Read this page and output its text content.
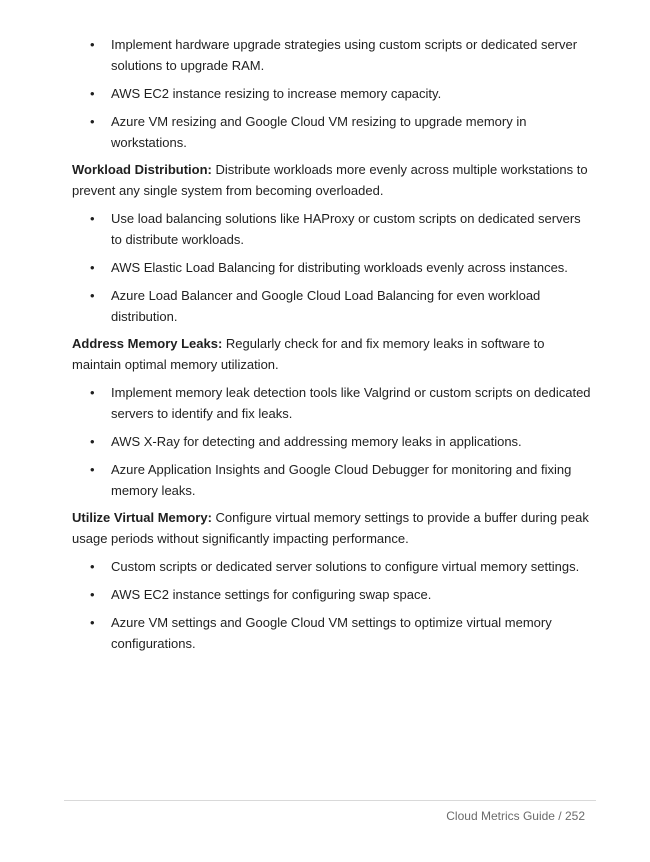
• Implement hardware upgrade strategies using custom scripts or dedicated server solutions to upgrade RAM.
• AWS EC2 instance resizing to increase memory capacity.
• Azure VM resizing and Google Cloud VM resizing to upgrade memory in workstations.

Workload Distribution: Distribute workloads more evenly across multiple workstations to prevent any single system from becoming overloaded.

• Use load balancing solutions like HAProxy or custom scripts on dedicated servers to distribute workloads.
• AWS Elastic Load Balancing for distributing workloads evenly across instances.
• Azure Load Balancer and Google Cloud Load Balancing for even workload distribution.

Address Memory Leaks: Regularly check for and fix memory leaks in software to maintain optimal memory utilization.

• Implement memory leak detection tools like Valgrind or custom scripts on dedicated servers to identify and fix leaks.
• AWS X-Ray for detecting and addressing memory leaks in applications.
• Azure Application Insights and Google Cloud Debugger for monitoring and fixing memory leaks.

Utilize Virtual Memory: Configure virtual memory settings to provide a buffer during peak usage periods without significantly impacting performance.

• Custom scripts or dedicated server solutions to configure virtual memory settings.
• AWS EC2 instance settings for configuring swap space.
• Azure VM settings and Google Cloud VM settings to optimize virtual memory configurations.
Cloud Metrics Guide / 252
